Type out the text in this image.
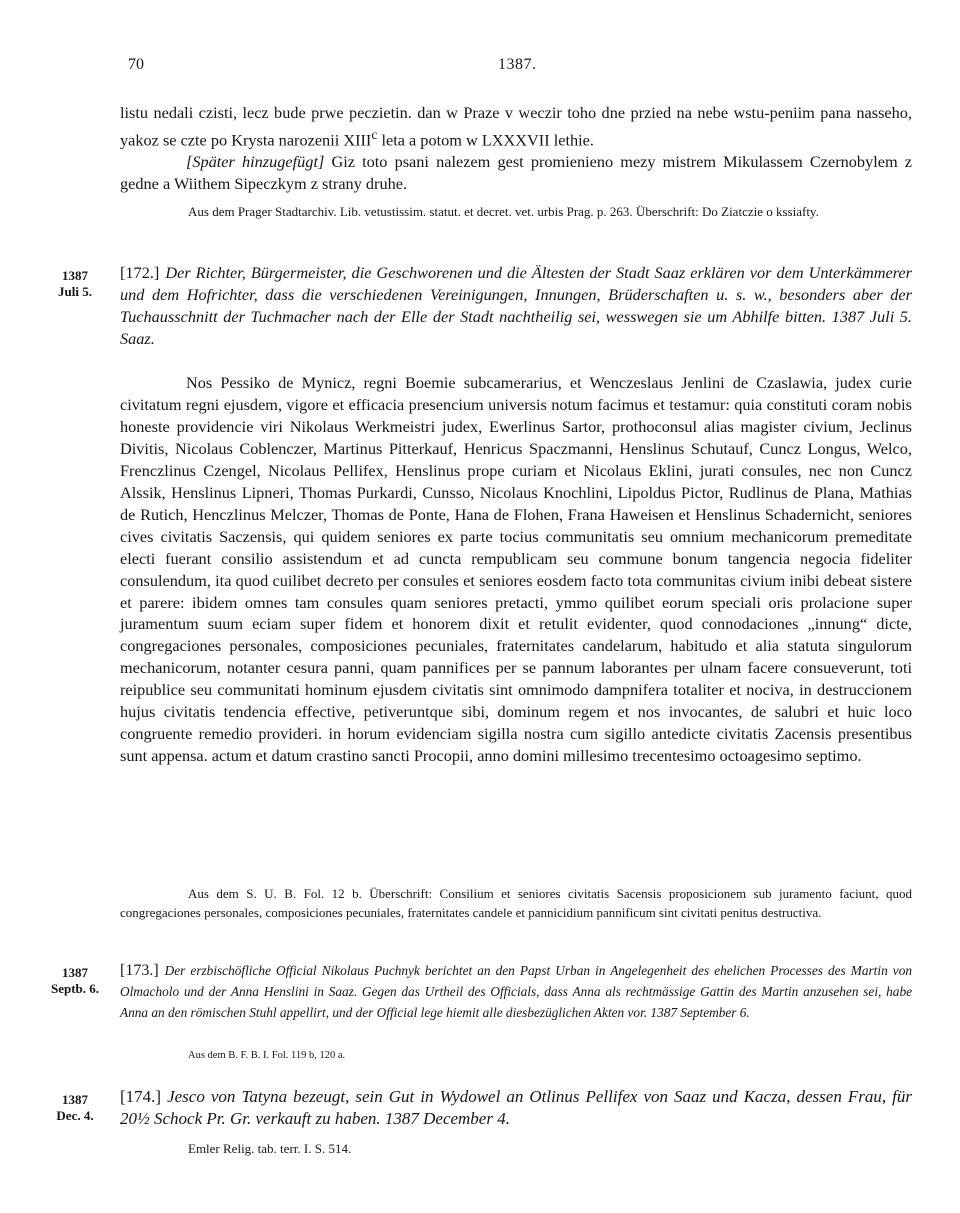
70	1387.

listu nedali czisti, lecz bude prwe peczietin. dan w Praze v weczir toho dne przied na nebe wstu-peniim pana nasseho, yakoz se czte po Krysta narozenii XIII$^c$ leta a potom w LXXXVII lethie.

[Später hinzugefügt] Giz toto psani nalezem gest promienieno mezy mistrem Mikulassem Czernobylem z gedne a Wiithem Sipeczkym z strany druhe.

Aus dem Prager Stadtarchiv. Lib. vetustissim. statut. et decret. vet. urbis Prag. p. 263. Überschrift: Do Ziatczie o kssiafty.

1387
Juli 5.
[172.] Der Richter, Bürgermeister, die Geschworenen und die Ältesten der Stadt Saaz erklären vor dem Unterkämmerer und dem Hofrichter, dass die verschiedenen Vereinigungen, Innungen, Brüderschaften u. s. w., besonders aber der Tuchausschnitt der Tuchmacher nach der Elle der Stadt nachtheilig sei, wesswegen sie um Abhilfe bitten. 1387 Juli 5. Saaz.

Nos Pessiko de Mynicz, regni Boemie subcamerarius, et Wenczeslaus Jenlini de Czaslawia, judex curie civitatum regni ejusdem, vigore et efficacia presencium universis notum facimus et testamur: quia constituti coram nobis honeste providencie viri Nikolaus Werkmeistri judex, Ewerlinus Sartor, prothoconsul alias magister civium, Jeclinus Divitis, Nicolaus Coblenczer, Martinus Pitterkauf, Henricus Spaczmanni, Henslinus Schutauf, Cuncz Longus, Welco, Frenczlinus Czengel, Nicolaus Pellifex, Henslinus prope curiam et Nicolaus Eklini, jurati consules, nec non Cuncz Alssik, Henslinus Lipneri, Thomas Purkardi, Cunsso, Nicolaus Knochlini, Lipoldus Pictor, Rudlinus de Plana, Mathias de Rutich, Henczlinus Melczer, Thomas de Ponte, Hana de Flohen, Frana Haweisen et Henslinus Schadernicht, seniores cives civitatis Saczensis, qui quidem seniores ex parte tocius communitatis seu omnium mechanicorum premeditate electi fuerant consilio assistendum et ad cuncta rempublicam seu commune bonum tangencia negocia fideliter consulendum, ita quod cuilibet decreto per consules et seniores eosdem facto tota communitas civium inibi debeat sistere et parere: ibidem omnes tam consules quam seniores pretacti, ymmo quilibet eorum speciali oris prolacione super juramentum suum eciam super fidem et honorem dixit et retulit evidenter, quod connodaciones „innung“ dicte, congregaciones personales, composiciones pecuniales, fraternitates candelarum, habitudo et alia statuta singulorum mechanicorum, notanter cesura panni, quam pannifices per se pannum laborantes per ulnam facere consueverunt, toti reipublice seu communitati hominum ejusdem civitatis sint omnimodo dampnifera totaliter et nociva, in destruccionem hujus civitatis tendencia effective, petiveruntque sibi, dominum regem et nos invocantes, de salubri et huic loco congruente remedio provideri. in horum evidenciam sigilla nostra cum sigillo antedicte civitatis Zacensis presentibus sunt appensa. actum et datum crastino sancti Procopii, anno domini millesimo trecentesimo octoagesimo septimo.

Aus dem S. U. B. Fol. 12 b. Überschrift: Consilium et seniores civitatis Sacensis proposicionem sub juramento faciunt, quod congregaciones personales, composiciones pecuniales, fraternitates candele et pannicidium pannificum sint civitati penitus destructiva.

1387
Septb. 6.
[173.] Der erzbischöfliche Official Nikolaus Puchnyk berichtet an den Papst Urban in Angelegenheit des ehelichen Processes des Martin von Olmacholo und der Anna Henslini in Saaz. Gegen das Urtheil des Officials, dass Anna als rechtmässige Gattin des Martin anzusehen sei, habe Anna an den römischen Stuhl appellirt, und der Official lege hiemit alle diesbezüglichen Akten vor. 1387 September 6.
Aus dem B. F. B. I. Fol. 119 b, 120 a.
1387
Dec. 4.
[174.] Jesco von Tatyna bezeugt, sein Gut in Wydowel an Otlinus Pellifex von Saaz und Kacza, dessen Frau, für 20½ Schock Pr. Gr. verkauft zu haben. 1387 December 4.

Emler Relig. tab. terr. I. S. 514.
